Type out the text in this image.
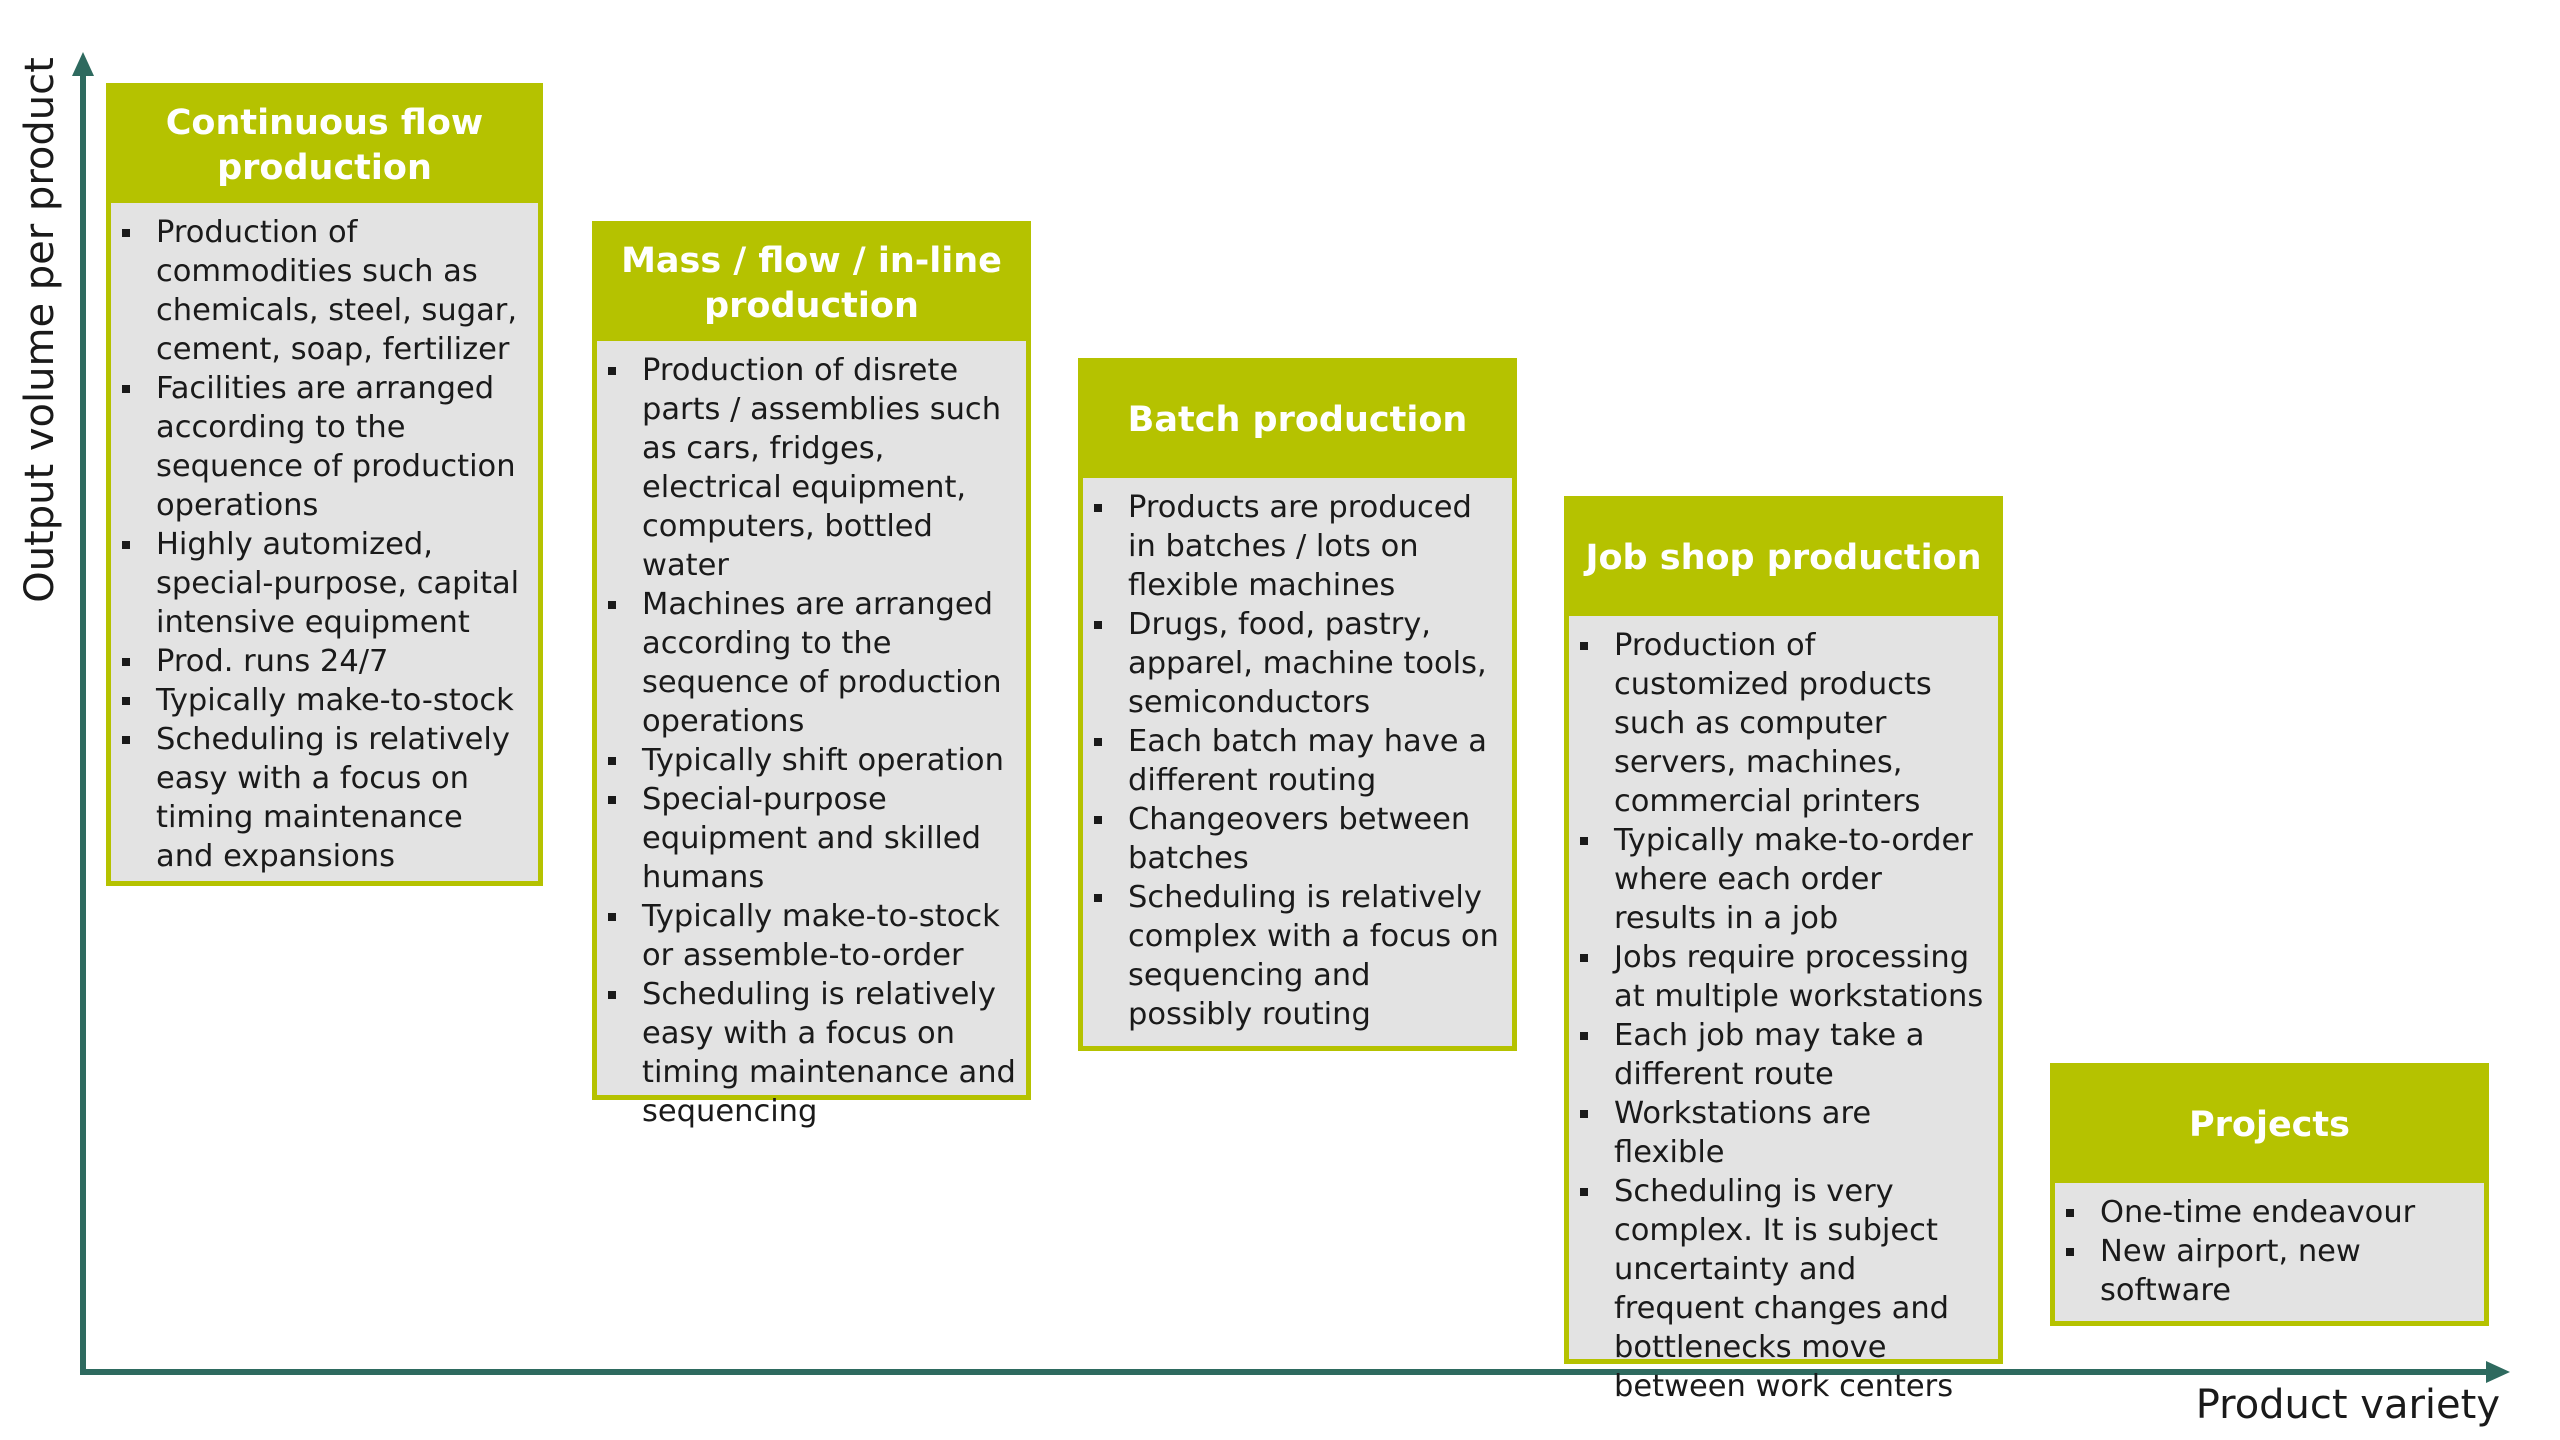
Output volume per product
Product variety
Continuous flow production
Production of commodities such as chemicals, steel, sugar, cement, soap, fertilizer
Facilities are arranged according to the sequence of production operations
Highly automized, special-purpose, capital intensive equipment
Prod. runs 24/7
Typically make-to-stock
Scheduling is relatively easy with a focus on timing maintenance and expansions
Mass / flow / in-line production
Production of disrete parts / assemblies such as cars, fridges, electrical equipment, computers, bottled water
Machines are arranged according to the sequence of production operations
Typically shift operation
Special-purpose equipment and skilled humans
Typically make-to-stock or assemble-to-order
Scheduling is relatively easy with a focus on timing maintenance and sequencing
Batch production
Products are produced in batches / lots on flexible machines
Drugs, food, pastry, apparel, machine tools, semiconductors
Each batch may have a different routing
Changeovers between batches
Scheduling is relatively complex with a focus on sequencing and possibly routing
Job shop production
Production of customized products such as computer servers, machines, commercial printers
Typically make-to-order where each order results in a job
Jobs require processing at multiple workstations
Each job may take a different route
Workstations are flexible
Scheduling is very complex. It is subject uncertainty and frequent changes and bottlenecks move between work centers
Projects
One-time endeavour
New airport, new software
